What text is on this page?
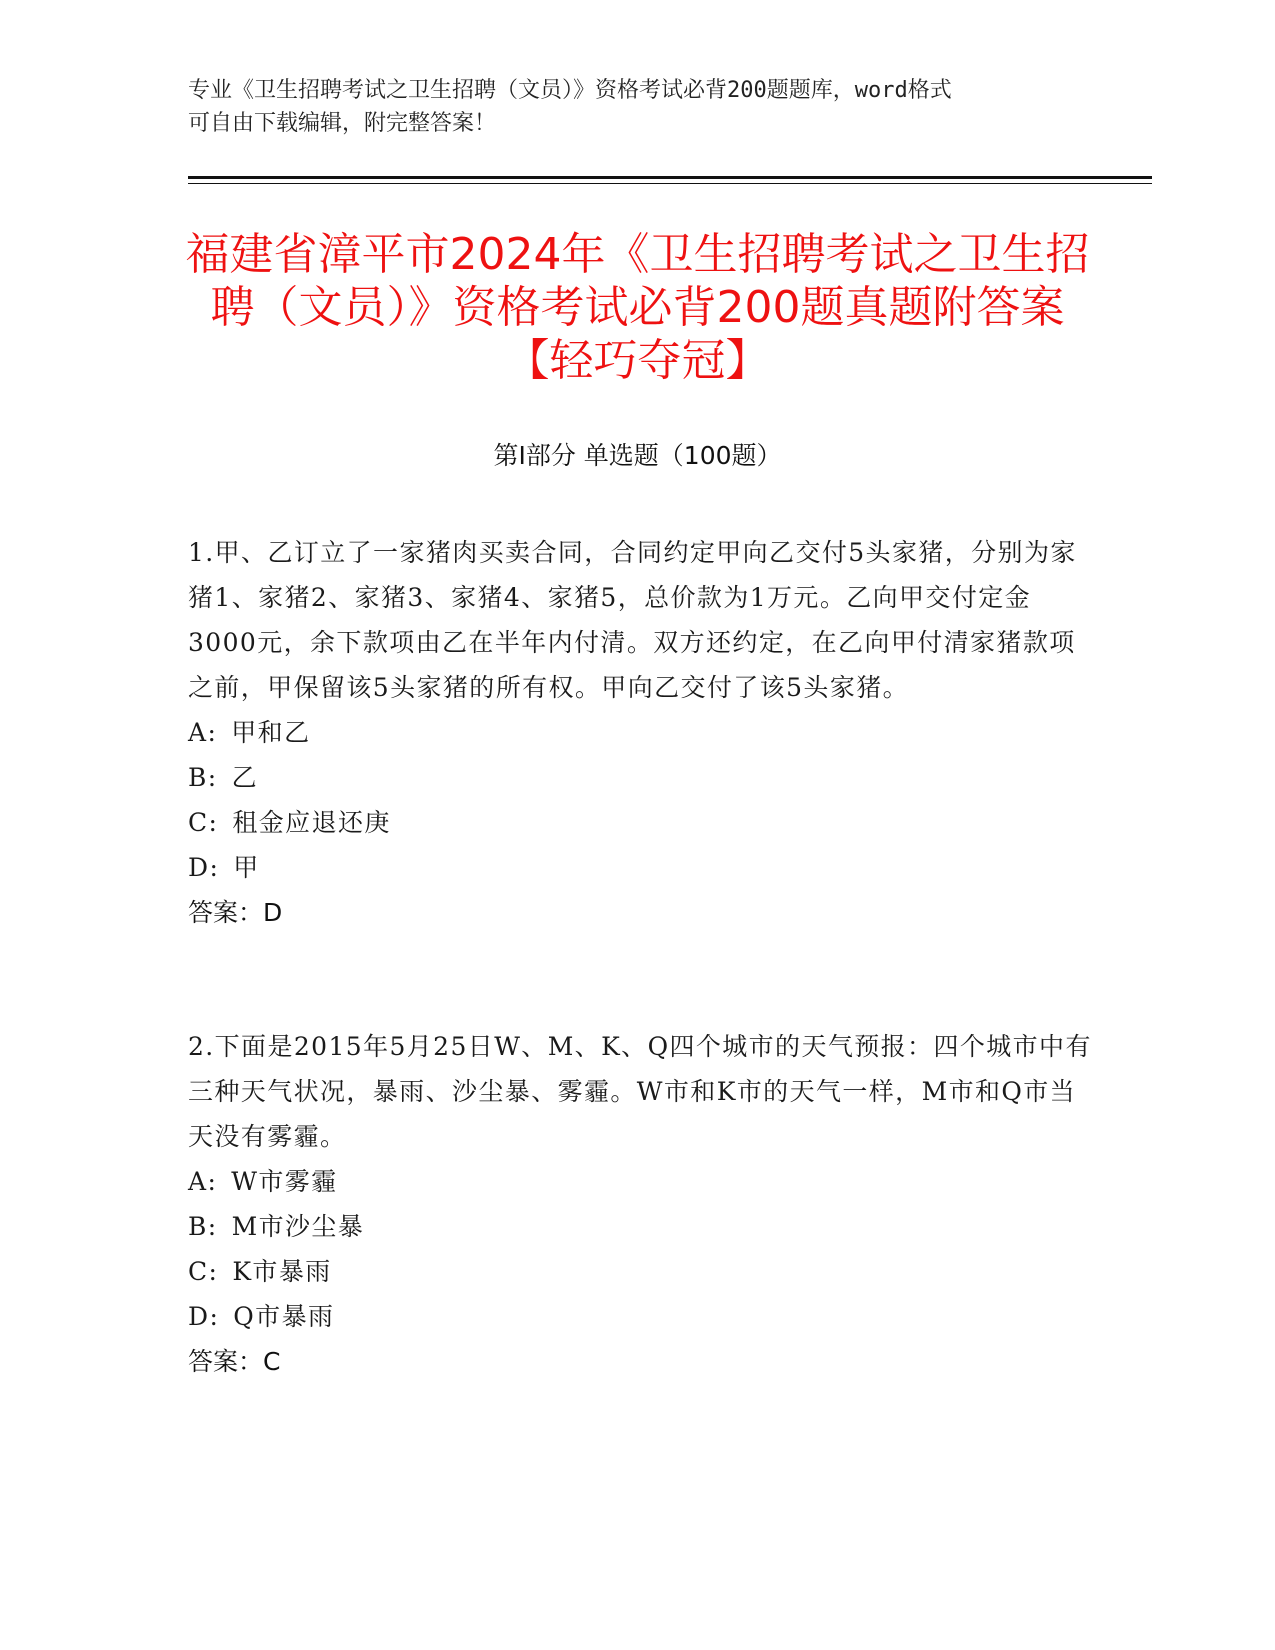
专业《卫生招聘考试之卫生招聘（文员）》资格考试必背200题题库，word格式

可自由下载编辑，附完整答案！

福建省漳平市2024年《卫生招聘考试之卫生招聘（文员）》资格考试必背200题真题附答案【轻巧夺冠】
第Ⅰ部分 单选题（100题）

1.甲、乙订立了一家猪肉买卖合同，合同约定甲向乙交付5头家猪，分别为家猪1、家猪2、家猪3、家猪4、家猪5，总价款为1万元。乙向甲交付定金3000元，余下款项由乙在半年内付清。双方还约定，在乙向甲付清家猪款项之前，甲保留该5头家猪的所有权。甲向乙交付了该5头家猪。

A: 甲和乙
B: 乙
C: 租金应退还庚
D: 甲

答案：D

2.下面是2015年5月25日W、M、K、Q四个城市的天气预报：四个城市中有三种天气状况，暴雨、沙尘暴、雾霾。W市和K市的天气一样，M市和Q市当天没有雾霾。

A: W市雾霾
B: M市沙尘暴
C: K市暴雨
D: Q市暴雨

答案：C
